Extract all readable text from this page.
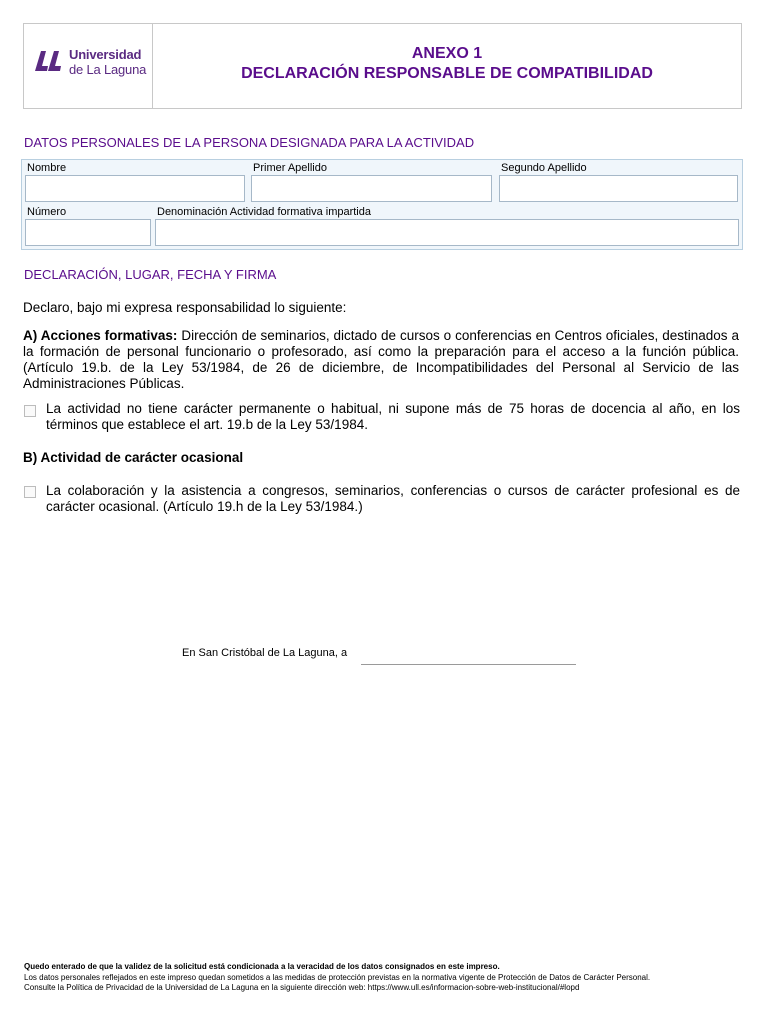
Universidad
de La Laguna
ANEXO 1
DECLARACIÓN RESPONSABLE DE COMPATIBILIDAD
DATOS PERSONALES DE LA PERSONA DESIGNADA PARA LA ACTIVIDAD
Nombre	Primer Apellido	Segundo Apellido
Número	Denominación Actividad formativa impartida
DECLARACIÓN, LUGAR, FECHA Y FIRMA
Declaro, bajo mi expresa responsabilidad lo siguiente:
A) Acciones formativas: Dirección de seminarios, dictado de cursos o conferencias en Centros oficiales, destinados a la formación de personal funcionario o profesorado, así como la preparación para el acceso a la función pública. (Artículo 19.b. de la Ley 53/1984, de 26 de diciembre, de Incompatibilidades del Personal al Servicio de las Administraciones Públicas.
La actividad no tiene carácter permanente o habitual, ni supone más de 75 horas de docencia al año, en los términos que establece el art. 19.b de la Ley 53/1984.
B) Actividad de carácter ocasional
La colaboración y la asistencia a congresos, seminarios, conferencias o cursos de carácter profesional es de carácter ocasional. (Artículo 19.h de la Ley 53/1984.)
En San Cristóbal de La Laguna, a
Quedo enterado de que la validez de la solicitud está condicionada a la veracidad de los datos consignados en este impreso.
Los datos personales reflejados en este impreso quedan sometidos a las medidas de protección previstas en la normativa vigente de Protección de Datos de Carácter Personal.
Consulte la Política de Privacidad de la Universidad de La Laguna en la siguiente dirección web: https://www.ull.es/informacion-sobre-web-institucional/#lopd
